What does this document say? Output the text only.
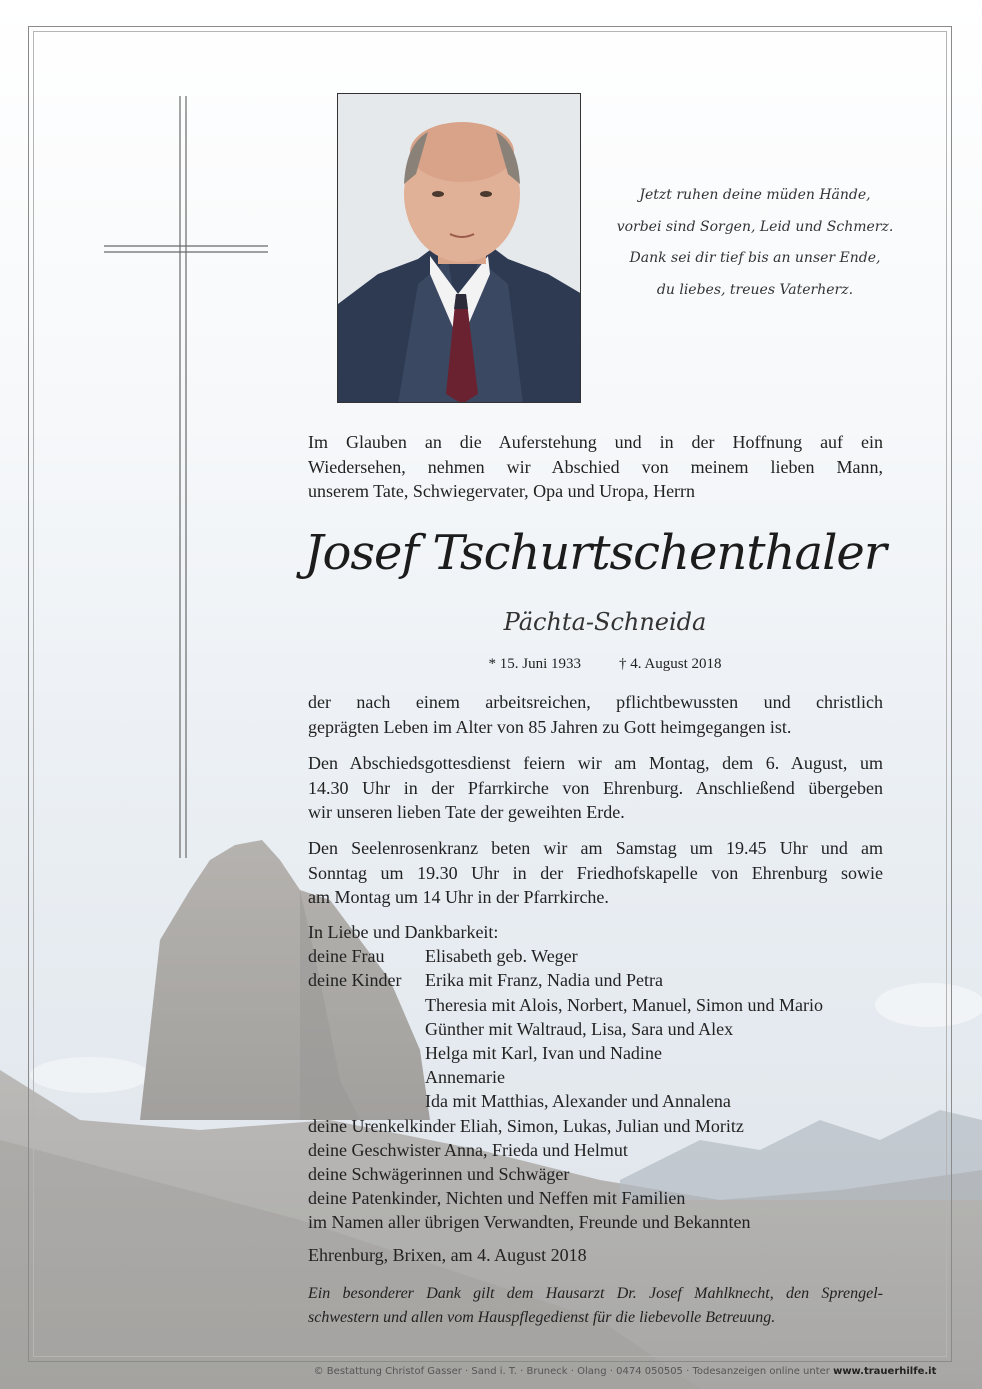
Jetzt ruhen deine müden Hände,
vorbei sind Sorgen, Leid und Schmerz.
Dank sei dir tief bis an unser Ende,
du liebes, treues Vaterherz.
Im Glauben an die Auferstehung und in der Hoffnung auf ein
Wiedersehen, nehmen wir Abschied von meinem lieben Mann,
unserem Tate, Schwiegervater, Opa und Uropa, Herrn
Josef Tschurtschenthaler
Pächta-Schneida
* 15. Juni 1933	† 4. August 2018
der nach einem arbeitsreichen, pflichtbewussten und christlich
geprägten Leben im Alter von 85 Jahren zu Gott heimgegangen ist.
Den Abschiedsgottesdienst feiern wir am Montag, dem 6. August, um
14.30 Uhr in der Pfarrkirche von Ehrenburg. Anschließend übergeben
wir unseren lieben Tate der geweihten Erde.
Den Seelenrosenkranz beten wir am Samstag um 19.45 Uhr und am
Sonntag um 19.30 Uhr in der Friedhofskapelle von Ehrenburg sowie
am Montag um 14 Uhr in der Pfarrkirche.
In Liebe und Dankbarkeit:
deine Frau	Elisabeth geb. Weger
deine Kinder	Erika mit Franz, Nadia und Petra
Theresia mit Alois, Norbert, Manuel, Simon und Mario
Günther mit Waltraud, Lisa, Sara und Alex
Helga mit Karl, Ivan und Nadine
Annemarie
Ida mit Matthias, Alexander und Annalena
deine Urenkelkinder Eliah, Simon, Lukas, Julian und Moritz
deine Geschwister Anna, Frieda und Helmut
deine Schwägerinnen und Schwäger
deine Patenkinder, Nichten und Neffen mit Familien
im Namen aller übrigen Verwandten, Freunde und Bekannten
Ehrenburg, Brixen, am 4. August 2018
Ein besonderer Dank gilt dem Hausarzt Dr. Josef Mahlknecht, den Sprengel-
schwestern und allen vom Hauspflegedienst für die liebevolle Betreuung.
© Bestattung Christof Gasser · Sand i. T. · Bruneck · Olang · 0474 050505 · Todesanzeigen online unter www.trauerhilfe.it
